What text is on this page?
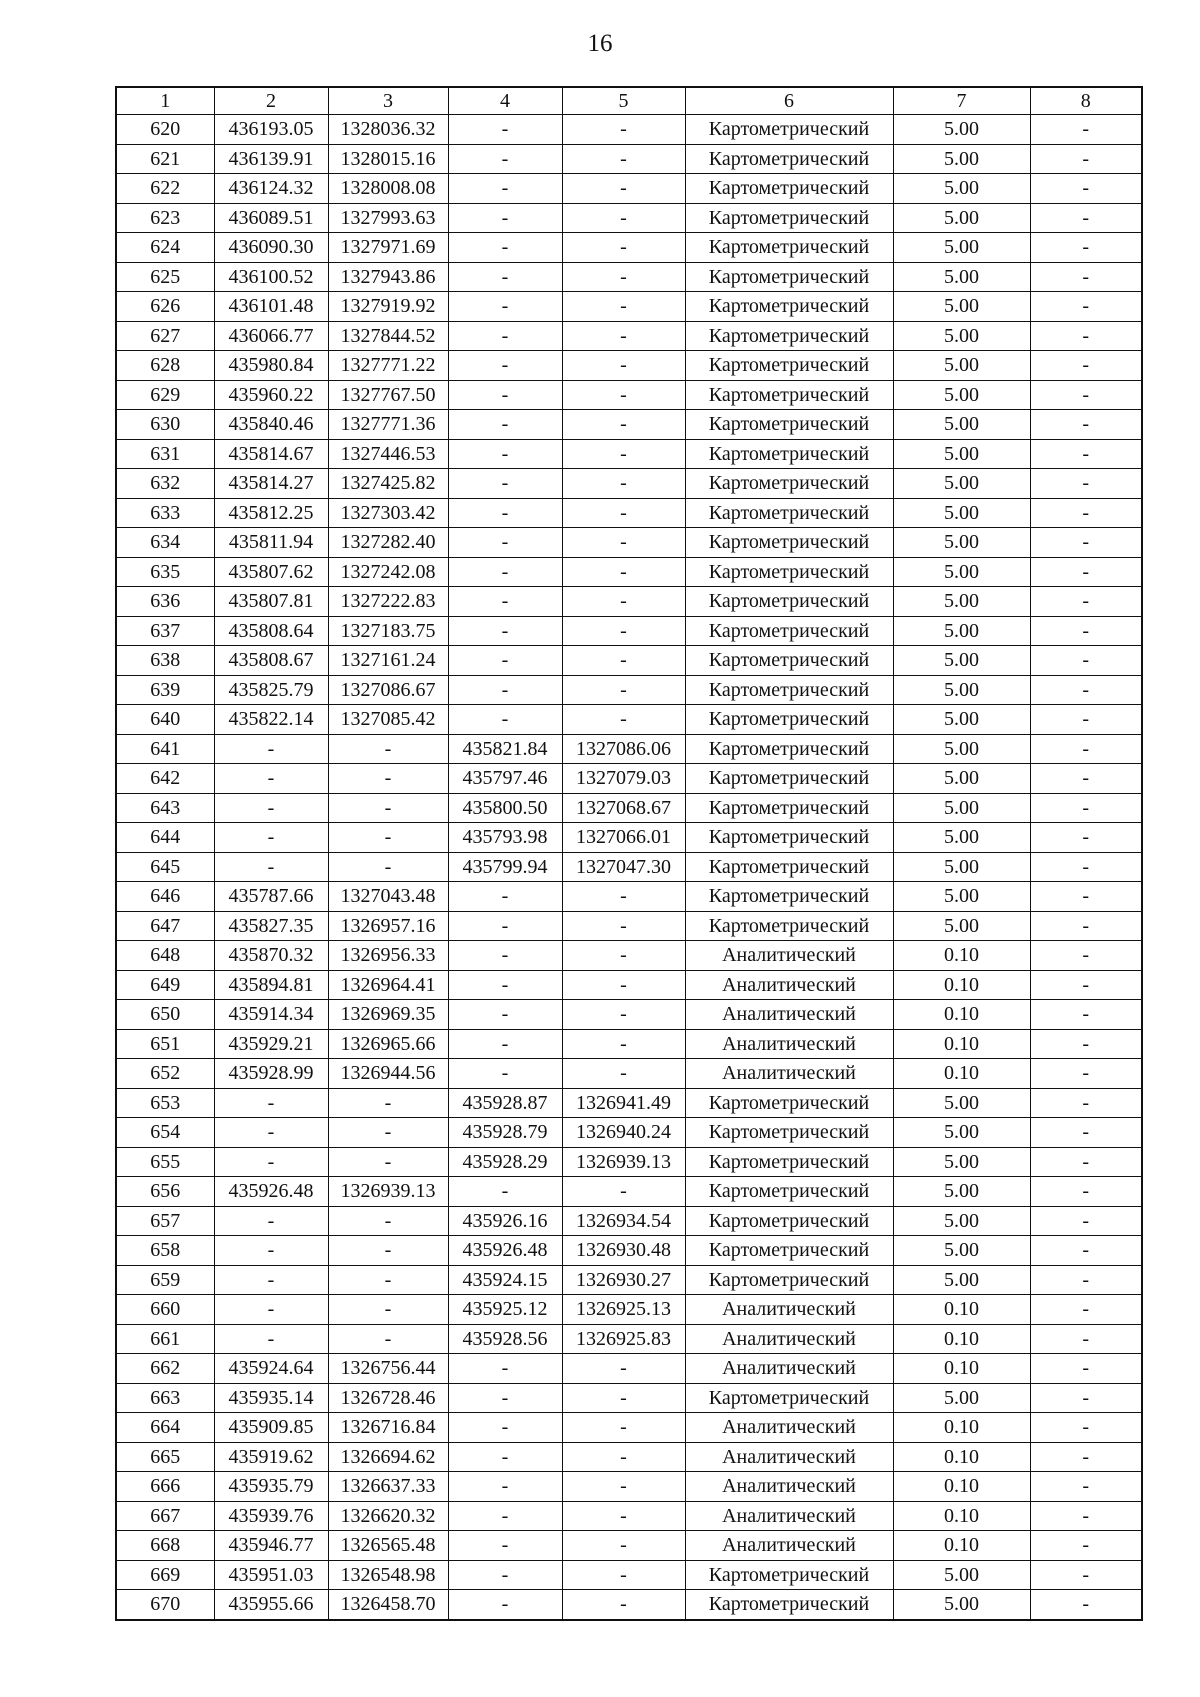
16
1	2	3	4	5	6	7	8
620	436193.05	1328036.32	-	-	Картометрический	5.00	-
621	436139.91	1328015.16	-	-	Картометрический	5.00	-
622	436124.32	1328008.08	-	-	Картометрический	5.00	-
623	436089.51	1327993.63	-	-	Картометрический	5.00	-
624	436090.30	1327971.69	-	-	Картометрический	5.00	-
625	436100.52	1327943.86	-	-	Картометрический	5.00	-
626	436101.48	1327919.92	-	-	Картометрический	5.00	-
627	436066.77	1327844.52	-	-	Картометрический	5.00	-
628	435980.84	1327771.22	-	-	Картометрический	5.00	-
629	435960.22	1327767.50	-	-	Картометрический	5.00	-
630	435840.46	1327771.36	-	-	Картометрический	5.00	-
631	435814.67	1327446.53	-	-	Картометрический	5.00	-
632	435814.27	1327425.82	-	-	Картометрический	5.00	-
633	435812.25	1327303.42	-	-	Картометрический	5.00	-
634	435811.94	1327282.40	-	-	Картометрический	5.00	-
635	435807.62	1327242.08	-	-	Картометрический	5.00	-
636	435807.81	1327222.83	-	-	Картометрический	5.00	-
637	435808.64	1327183.75	-	-	Картометрический	5.00	-
638	435808.67	1327161.24	-	-	Картометрический	5.00	-
639	435825.79	1327086.67	-	-	Картометрический	5.00	-
640	435822.14	1327085.42	-	-	Картометрический	5.00	-
641	-	-	435821.84	1327086.06	Картометрический	5.00	-
642	-	-	435797.46	1327079.03	Картометрический	5.00	-
643	-	-	435800.50	1327068.67	Картометрический	5.00	-
644	-	-	435793.98	1327066.01	Картометрический	5.00	-
645	-	-	435799.94	1327047.30	Картометрический	5.00	-
646	435787.66	1327043.48	-	-	Картометрический	5.00	-
647	435827.35	1326957.16	-	-	Картометрический	5.00	-
648	435870.32	1326956.33	-	-	Аналитический	0.10	-
649	435894.81	1326964.41	-	-	Аналитический	0.10	-
650	435914.34	1326969.35	-	-	Аналитический	0.10	-
651	435929.21	1326965.66	-	-	Аналитический	0.10	-
652	435928.99	1326944.56	-	-	Аналитический	0.10	-
653	-	-	435928.87	1326941.49	Картометрический	5.00	-
654	-	-	435928.79	1326940.24	Картометрический	5.00	-
655	-	-	435928.29	1326939.13	Картометрический	5.00	-
656	435926.48	1326939.13	-	-	Картометрический	5.00	-
657	-	-	435926.16	1326934.54	Картометрический	5.00	-
658	-	-	435926.48	1326930.48	Картометрический	5.00	-
659	-	-	435924.15	1326930.27	Картометрический	5.00	-
660	-	-	435925.12	1326925.13	Аналитический	0.10	-
661	-	-	435928.56	1326925.83	Аналитический	0.10	-
662	435924.64	1326756.44	-	-	Аналитический	0.10	-
663	435935.14	1326728.46	-	-	Картометрический	5.00	-
664	435909.85	1326716.84	-	-	Аналитический	0.10	-
665	435919.62	1326694.62	-	-	Аналитический	0.10	-
666	435935.79	1326637.33	-	-	Аналитический	0.10	-
667	435939.76	1326620.32	-	-	Аналитический	0.10	-
668	435946.77	1326565.48	-	-	Аналитический	0.10	-
669	435951.03	1326548.98	-	-	Картометрический	5.00	-
670	435955.66	1326458.70	-	-	Картометрический	5.00	-
